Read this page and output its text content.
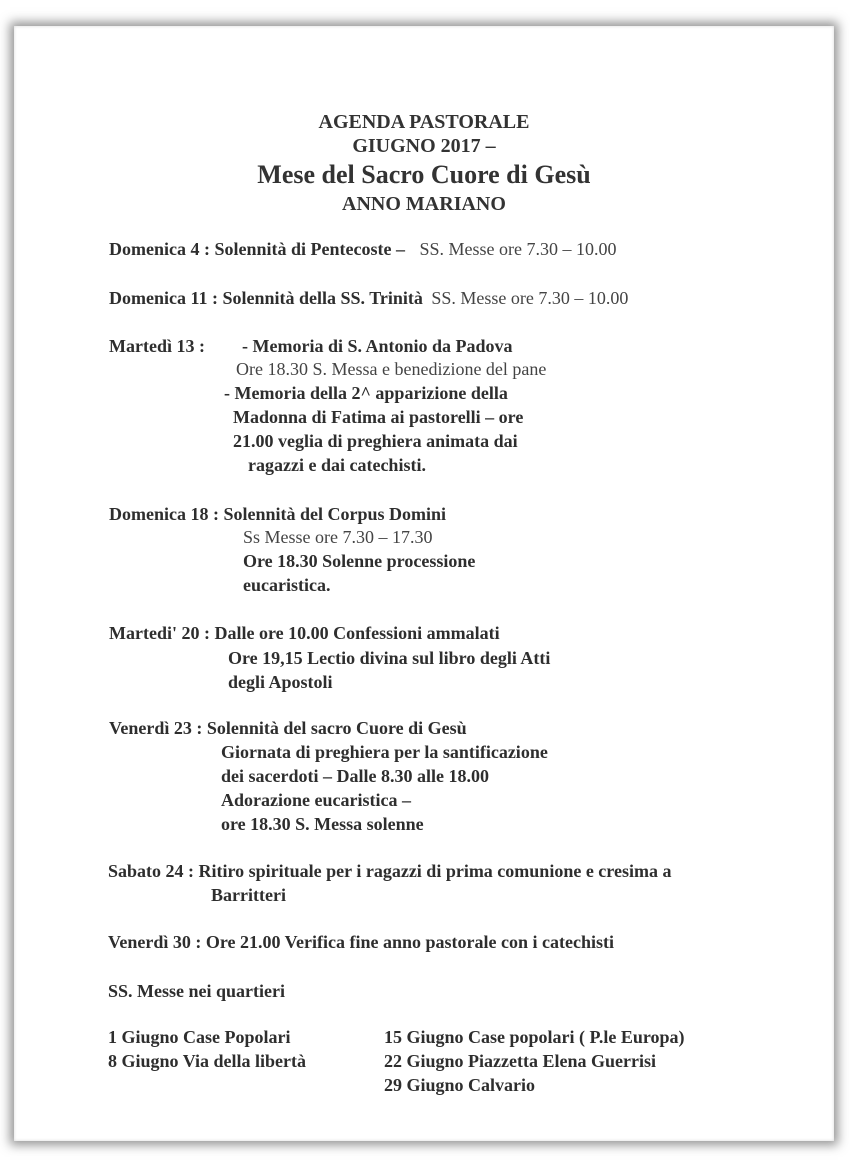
AGENDA PASTORALE
GIUGNO 2017 –
Mese del Sacro Cuore di Gesù
ANNO MARIANO
Domenica 4 : Solennità di Pentecoste – SS. Messe ore 7.30 – 10.00
Domenica 11 : Solennità della SS. Trinità SS. Messe ore 7.30 – 10.00
Martedì 13 : - Memoria di S. Antonio da Padova
Ore 18.30 S. Messa e benedizione del pane
- Memoria della 2^ apparizione della
Madonna di Fatima ai pastorelli – ore
21.00 veglia di preghiera animata dai
ragazzi e dai catechisti.
Domenica 18 : Solennità del Corpus Domini
Ss Messe ore 7.30 – 17.30
Ore 18.30 Solenne processione
eucaristica.
Martedi' 20 : Dalle ore 10.00 Confessioni ammalati
Ore 19,15 Lectio divina sul libro degli Atti
degli Apostoli
Venerdì 23 : Solennità del sacro Cuore di Gesù
Giornata di preghiera per la santificazione
dei sacerdoti – Dalle 8.30 alle 18.00
Adorazione eucaristica –
ore 18.30 S. Messa solenne
Sabato 24 : Ritiro spirituale per i ragazzi di prima comunione e cresima a
Barritteri
Venerdì 30 : Ore 21.00 Verifica fine anno pastorale con i catechisti
SS. Messe nei quartieri
1 Giugno Case Popolari
8 Giugno Via della libertà
15 Giugno Case popolari ( P.le Europa)
22 Giugno Piazzetta Elena Guerrisi
29 Giugno Calvario
